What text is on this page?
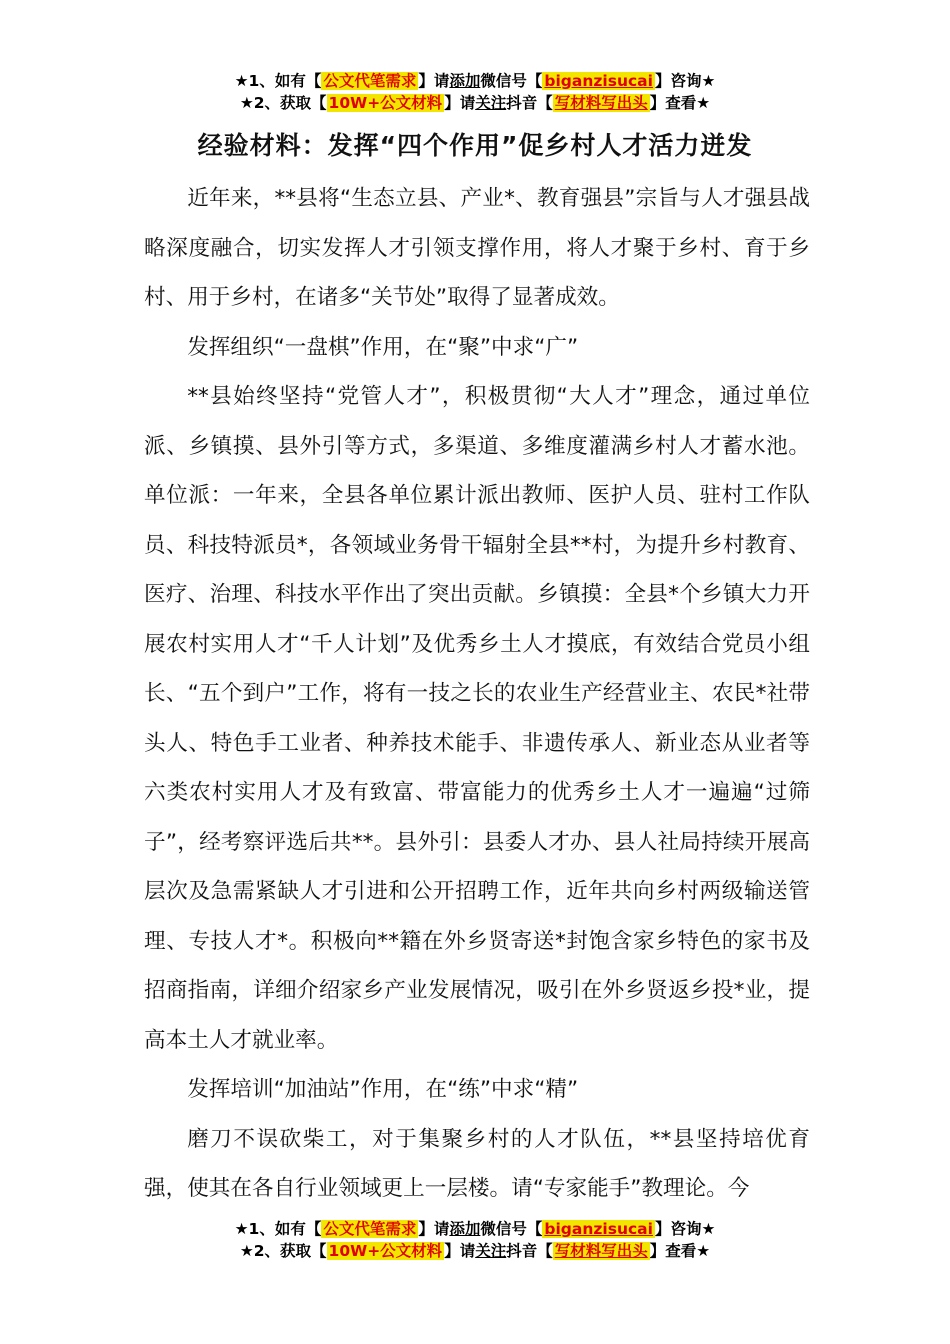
★1、如有【 公文代笔需求 】请添加微信号【 biganzisucai 】咨询★
★2、获取【 10W+公文材料 】请关注抖音【 写材料写出头 】查看★
经验材料：发挥“四个作用”促乡村人才活力迸发

近年来，**县将“生态立县、产业*、教育强县”宗旨与人才强县战略深度融合，切实发挥人才引领支撑作用，将人才聚于乡村、育于乡村、用于乡村，在诸多“关节处”取得了显著成效。

发挥组织“一盘棋”作用，在“聚”中求“广”

**县始终坚持“党管人才”，积极贯彻“大人才”理念，通过单位派、乡镇摸、县外引等方式，多渠道、多维度灌满乡村人才蓄水池。单位派：一年来，全县各单位累计派出教师、医护人员、驻村工作队员、科技特派员*，各领域业务骨干辐射全县**村，为提升乡村教育、医疗、治理、科技水平作出了突出贡献。乡镇摸：全县*个乡镇大力开展农村实用人才“千人计划”及优秀乡土人才摸底，有效结合党员小组长、“五个到户”工作，将有一技之长的农业生产经营业主、农民*社带头人、特色手工业者、种养技术能手、非遗传承人、新业态从业者等六类农村实用人才及有致富、带富能力的优秀乡土人才一遍遍“过筛子”，经考察评选后共**。县外引：县委人才办、县人社局持续开展高层次及急需紧缺人才引进和公开招聘工作，近年共向乡村两级输送管理、专技人才*。积极向**籍在外乡贤寄送*封饱含家乡特色的家书及招商指南，详细介绍家乡产业发展情况，吸引在外乡贤返乡投*业，提高本土人才就业率。

发挥培训“加油站”作用，在“练”中求“精”

磨刀不误砍柴工，对于集聚乡村的人才队伍，**县坚持培优育强，使其在各自行业领域更上一层楼。请“专家能手”教理论。今

★1、如有【 公文代笔需求 】请添加微信号【 biganzisucai 】咨询★
★2、获取【 10W+公文材料 】请关注抖音【 写材料写出头 】查看★
